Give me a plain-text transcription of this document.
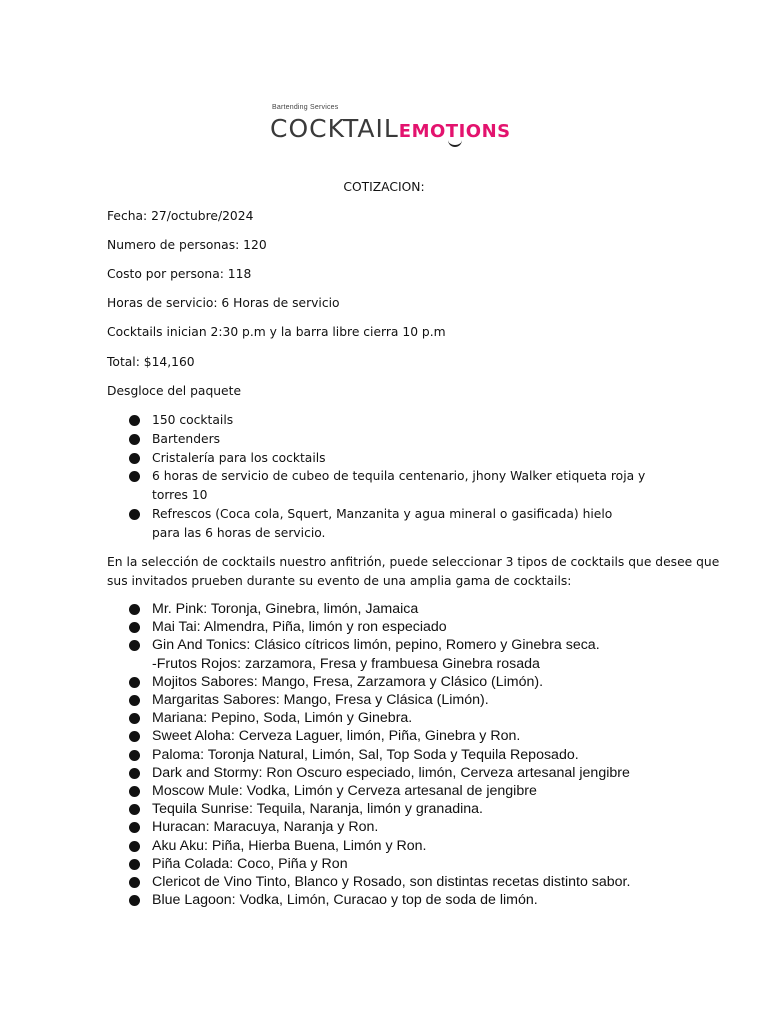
Bartending Services
COCKTAILEMOTIONS
COTIZACION:
Fecha: 27/octubre/2024
Numero de personas: 120
Costo por persona: 118
Horas de servicio: 6 Horas de servicio
Cocktails inician 2:30 p.m y la barra libre cierra 10 p.m
Total: $14,160
Desgloce del paquete
150 cocktails
Bartenders
Cristalería para los cocktails
6 horas de servicio de cubeo de tequila centenario, jhony Walker etiqueta roja y torres 10
Refrescos (Coca cola, Squert, Manzanita y agua mineral o gasificada) hielo para las 6 horas de servicio.
En la selección de cocktails nuestro anfitrión, puede seleccionar 3 tipos de cocktails que desee que
sus invitados prueben durante su evento de una amplia gama de cocktails:
Mr. Pink: Toronja, Ginebra, limón, Jamaica
Mai Tai: Almendra, Piña, limón y ron especiado
Gin And Tonics: Clásico cítricos limón, pepino, Romero y Ginebra seca.
-Frutos Rojos: zarzamora, Fresa y frambuesa Ginebra rosada
Mojitos Sabores: Mango, Fresa, Zarzamora y Clásico (Limón).
Margaritas Sabores: Mango, Fresa y Clásica (Limón).
Mariana: Pepino, Soda, Limón y Ginebra.
Sweet Aloha: Cerveza Laguer, limón, Piña, Ginebra y Ron.
Paloma: Toronja Natural, Limón, Sal, Top Soda y Tequila Reposado.
Dark and Stormy: Ron Oscuro especiado, limón, Cerveza artesanal jengibre
Moscow Mule: Vodka, Limón y Cerveza artesanal de jengibre
Tequila Sunrise: Tequila, Naranja, limón y granadina.
Huracan: Maracuya, Naranja y Ron.
Aku Aku: Piña, Hierba Buena, Limón y Ron.
Piña Colada: Coco, Piña y Ron
Clericot de Vino Tinto, Blanco y Rosado, son distintas recetas distinto sabor.
Blue Lagoon: Vodka, Limón, Curacao y top de soda de limón.
